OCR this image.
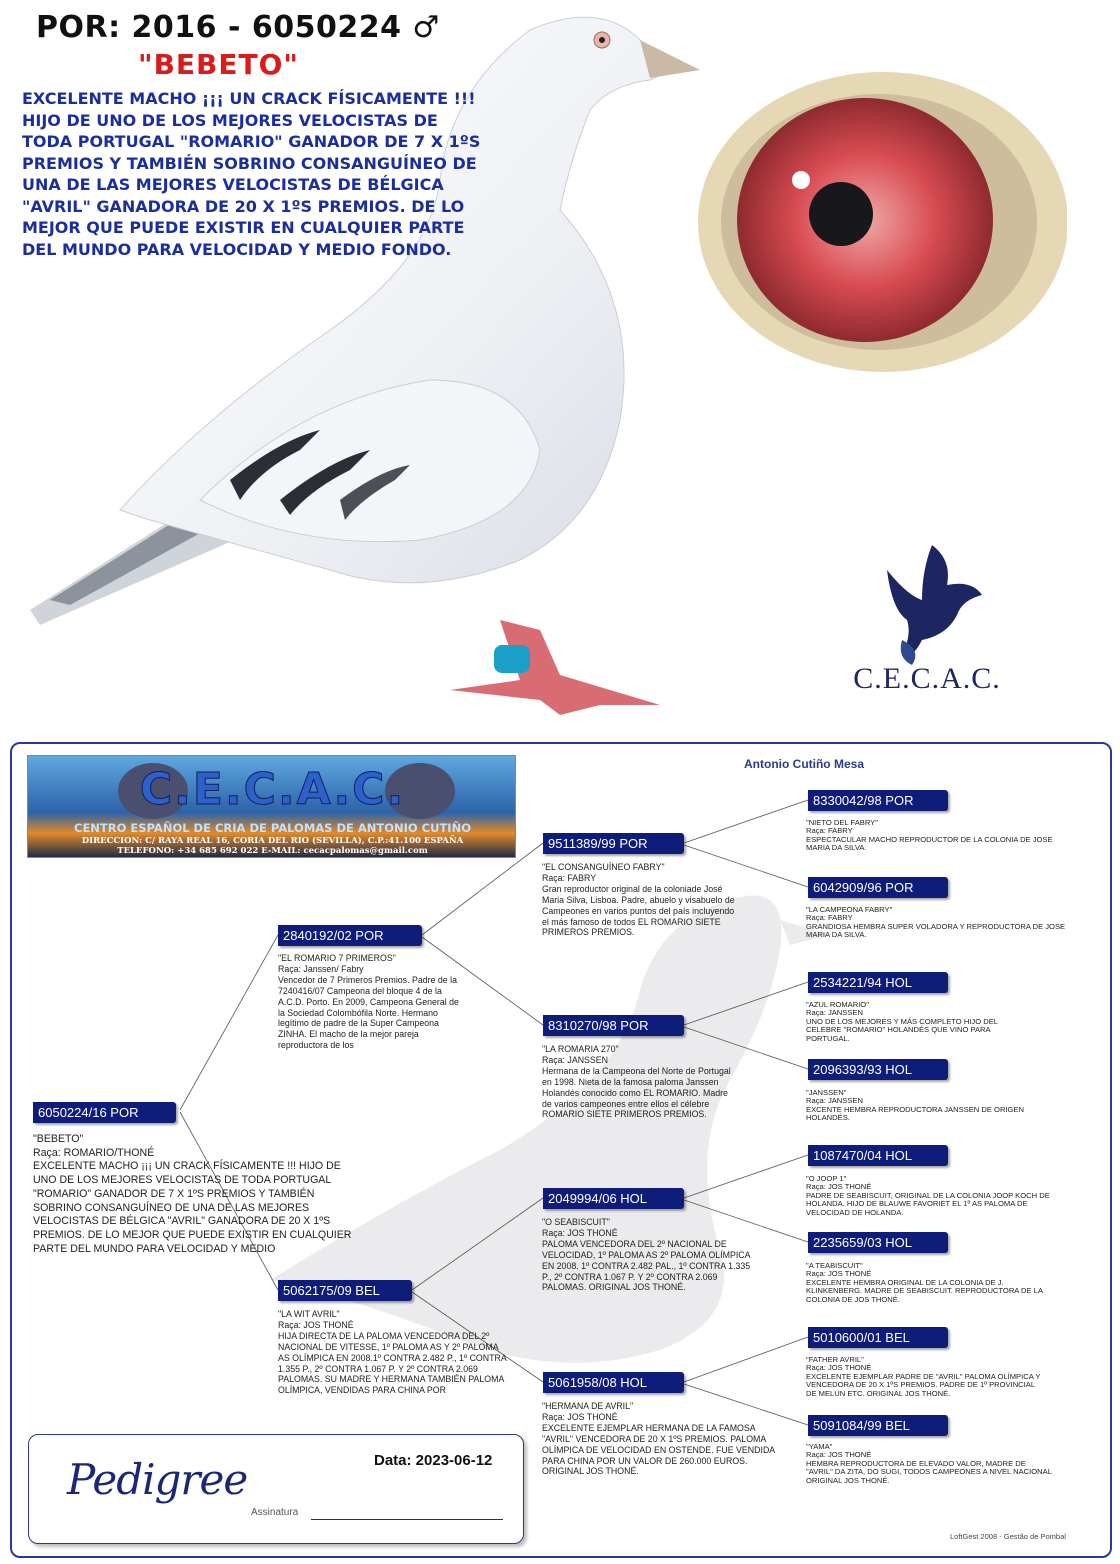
POR: 2016 - 6050224 ♂
"BEBETO"
EXCELENTE MACHO ¡¡¡ UN CRACK FÍSICAMENTE !!! HIJO DE UNO DE LOS MEJORES VELOCISTAS DE TODA PORTUGAL "ROMARIO" GANADOR DE 7 X 1ºS PREMIOS Y TAMBIÉN SOBRINO CONSANGUÍNEO DE UNA DE LAS MEJORES VELOCISTAS DE BÉLGICA "AVRIL" GANADORA DE 20 X 1ºS PREMIOS. DE LO MEJOR QUE PUEDE EXISTIR EN CUALQUIER PARTE DEL MUNDO PARA VELOCIDAD Y MEDIO FONDO.
C.E.C.A.C.
Antonio Cutiño Mesa
C.E.C.A.C.
CENTRO ESPAÑOL DE CRIA DE PALOMAS DE ANTONIO CUTIÑO
DIRECCION: C/ RAYA REAL 16, CORIA DEL RIO (SEVILLA), C.P.:41.100 ESPAÑA
TELEFONO: +34 685 692 022 E-MAIL: cecacpalomas@gmail.com
6050224/16 POR
"BEBETO"
Raça: ROMARIO/THONÉ
EXCELENTE MACHO ¡¡¡ UN CRACK FÍSICAMENTE !!! HIJO DE UNO DE LOS MEJORES VELOCISTAS DE TODA PORTUGAL "ROMARIO" GANADOR DE 7 X 1ºS PREMIOS Y TAMBIÉN SOBRINO CONSANGUÍNEO DE UNA DE LAS MEJORES VELOCISTAS DE BÉLGICA "AVRIL" GANADORA DE 20 X 1ºS PREMIOS. DE LO MEJOR QUE PUEDE EXISTIR EN CUALQUIER PARTE DEL MUNDO PARA VELOCIDAD Y MEDIO
2840192/02 POR
"EL ROMARIO 7 PRIMEROS"
Raça: Janssen/ Fabry
Vencedor de 7 Primeros Premios. Padre de la 7240416/07 Campeona del bloque 4 de la A.C.D. Porto. En 2009, Campeona General de la Sociedad Colombófila Norte. Hermano legítimo de padre de la Super Campeona ZINHA. El macho de la mejor pareja reproductora de los
5062175/09 BEL
"LA WIT AVRIL"
Raça: JOS THONÉ
HIJA DIRECTA DE LA PALOMA VENCEDORA DEL 2º NACIONAL DE VITESSE, 1º PALOMA AS Y 2º PALOMA AS OLÍMPICA EN 2008.1º CONTRA 2.482 P., 1º CONTRA 1.355 P., 2º CONTRA 1.067 P. Y 2º CONTRA 2.069 PALOMAS. SU MADRE Y HERMANA TAMBIÉN PALOMA OLÍMPICA, VENDIDAS PARA CHINA POR
9511389/99 POR
"EL CONSANGUÍNEO FABRY"
Raça: FABRY
Gran reproductor original de la coloniade José Maria Silva, Lisboa. Padre, abuelo y visabuelo de Campeones en varios puntos del país incluyendo el más famoso de todos EL ROMARIO SIETE PRIMEROS PREMIOS.
8310270/98 POR
"LA ROMARIA 270"
Raça: JANSSEN
Hermana de la Campeona del Norte de Portugal en 1998. Nieta de la famosa paloma Janssen Holandés conocido como EL ROMARIO. Madre de varios campeones entre ellos el célebre ROMARIO SIETE PRIMEROS PREMIOS.
2049994/06 HOL
"O SEABISCUIT"
Raça: JOS THONÉ
PALOMA VENCEDORA DEL 2º NACIONAL DE VELOCIDAD, 1º PALOMA AS 2º PALOMA OLÍMPICA EN 2008. 1º CONTRA 2.482 PAL., 1º CONTRA 1.335 P., 2º CONTRA 1.067 P. Y 2º CONTRA 2.069 PALOMAS. ORIGINAL JOS THONÉ.
5061958/08 HOL
"HERMANA DE AVRIL"
Raça: JOS THONÉ
EXCELENTE EJEMPLAR HERMANA DE LA FAMOSA "AVRIL" VENCEDORA DE 20 X 1ºS PREMIOS. PALOMA OLÍMPICA DE VELOCIDAD EN OSTENDE. FUE VENDIDA PARA CHINA POR UN VALOR DE 260.000 EUROS. ORIGINAL JOS THONÉ.
8330042/98 POR
"NIETO DEL FABRY"
Raça: FABRY
ESPECTACULAR MACHO REPRODUCTOR DE LA COLONIA DE JOSE MARIA DA SILVA.
6042909/96 POR
"LA CAMPEONA FABRY"
Raça: FABRY
GRANDIOSA HEMBRA SUPER VOLADORA Y REPRODUCTORA DE JOSE MARIA DA SILVA.
2534221/94 HOL
"AZUL ROMARIO"
Raça: JANSSEN
UNO DE LOS MEJORES Y MÁS COMPLETO HIJO DEL CELEBRE "ROMARIO" HOLANDÉS QUE VINO PARA PORTUGAL.
2096393/93 HOL
"JANSSEN"
Raça: JANSSEN
EXCENTE HEMBRA REPRODUCTORA JANSSEN DE ORIGEN HOLANDÉS.
1087470/04 HOL
"O JOOP 1"
Raça: JOS THONÉ
PADRE DE SEABISCUIT, ORIGINAL DE LA COLONIA JOOP KOCH DE HOLANDA. HIJO DE BLAUWE FAVORIET EL 1º AS PALOMA DE VELOCIDAD DE HOLANDA.
2235659/03 HOL
"A TEABISCUIT"
Raça: JOS THONÉ
EXCELENTE HEMBRA ORIGINAL DE LA COLONIA DE J. KLINKENBERG. MADRE DE SEABISCUIT. REPRODUCTORA DE LA COLONIA DE JOS THONÉ.
5010600/01 BEL
"FATHER AVRIL"
Raça: JOS THONÉ
EXCELENTE EJEMPLAR PADRE DE "AVRIL" PALOMA OLÍMPICA Y VENCEDORA DE 20 X 1ºS PREMIOS. PADRE DE 1º PROVINCIAL DE MELUN ETC. ORIGINAL JOS THONÉ.
5091084/99 BEL
"YAMA"
Raça: JOS THONÉ
HEMBRA REPRODUCTORA DE ELEVADO VALOR, MADRE DE "AVRIL" DA ZITA, DO SUGI, TODOS CAMPEONES A NIVEL NACIONAL ORIGINAL JOS THONÉ.
Pedigree	Data: 2023-06-12
Assinatura
LoftGest 2008 - Gestão de Pombal
